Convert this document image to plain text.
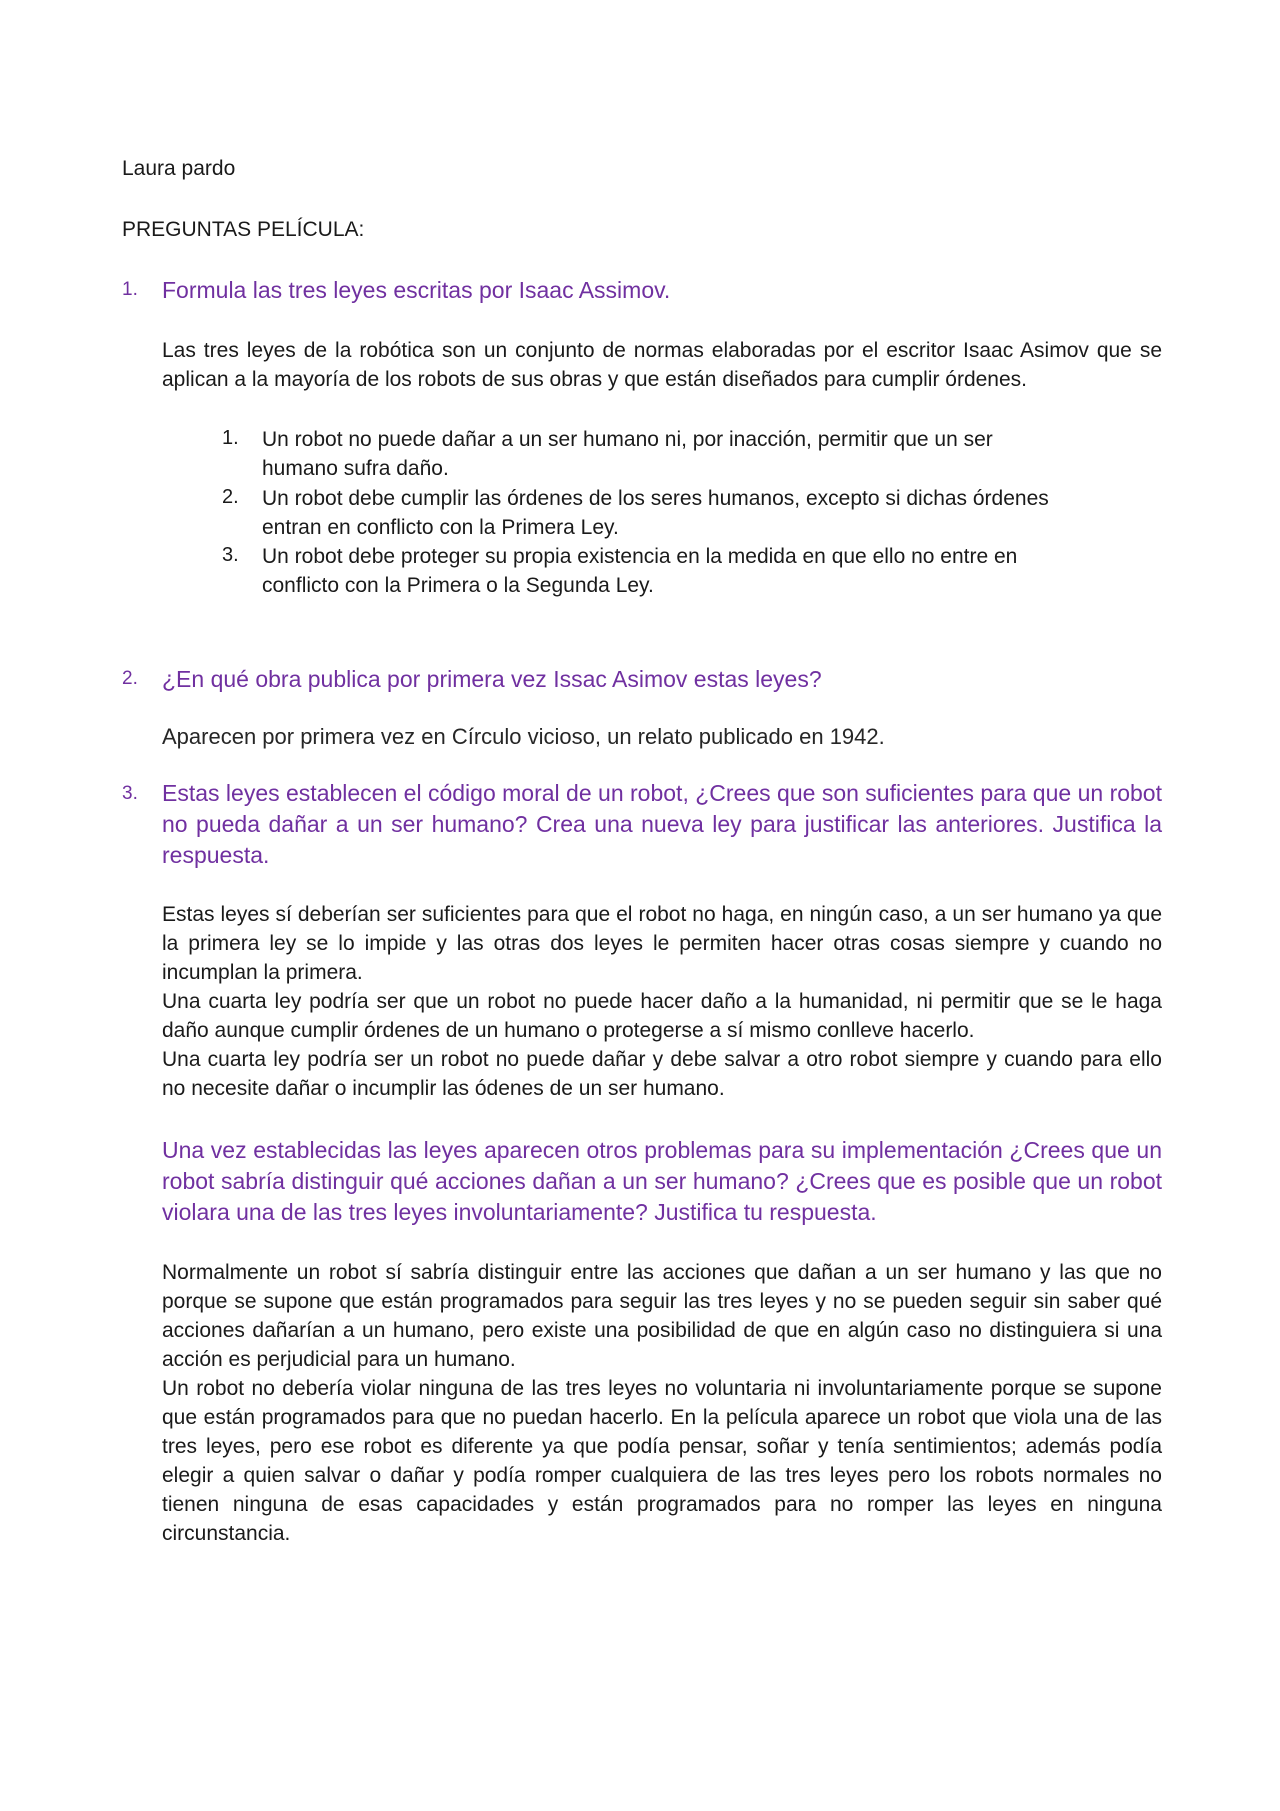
Laura pardo

PREGUNTAS PELÍCULA:

1. Formula las tres leyes escritas por Isaac Assimov.

Las tres leyes de la robótica son un conjunto de normas elaboradas por el escritor Isaac Asimov que se aplican a la mayoría de los robots de sus obras y que están diseñados para cumplir órdenes.

1. Un robot no puede dañar a un ser humano ni, por inacción, permitir que un ser humano sufra daño.

2. Un robot debe cumplir las órdenes de los seres humanos, excepto si dichas órdenes entran en conflicto con la Primera Ley.

3. Un robot debe proteger su propia existencia en la medida en que ello no entre en conflicto con la Primera o la Segunda Ley.

2. ¿En qué obra publica por primera vez Issac Asimov estas leyes?

Aparecen por primera vez en Círculo vicioso, un relato publicado en 1942.

3. Estas leyes establecen el código moral de un robot, ¿Crees que son suficientes para que un robot no pueda dañar a un ser humano? Crea una nueva ley para justificar las anteriores. Justifica la respuesta.

Estas leyes sí deberían ser suficientes para que el robot no haga, en ningún caso, a un ser humano ya que la primera ley se lo impide y las otras dos leyes le permiten hacer otras cosas siempre y cuando no incumplan la primera.

Una cuarta ley podría ser que un robot no puede hacer daño a la humanidad, ni permitir que se le haga daño aunque cumplir órdenes de un humano o protegerse a sí mismo conlleve hacerlo.

Una cuarta ley podría ser un robot no puede dañar y debe salvar a otro robot siempre y cuando para ello no necesite dañar o incumplir las ódenes de un ser humano.

Una vez establecidas las leyes aparecen otros problemas para su implementación ¿Crees que un robot sabría distinguir qué acciones dañan a un ser humano? ¿Crees que es posible que un robot violara una de las tres leyes involuntariamente? Justifica tu respuesta.

Normalmente un robot sí sabría distinguir entre las acciones que dañan a un ser humano y las que no porque se supone que están programados para seguir las tres leyes y no se pueden seguir sin saber qué acciones dañarían a un humano, pero existe una posibilidad de que en algún caso no distinguiera si una acción es perjudicial para un humano.

Un robot no debería violar ninguna de las tres leyes no voluntaria ni involuntariamente porque se supone que están programados para que no puedan hacerlo. En la película aparece un robot que viola una de las tres leyes, pero ese robot es diferente ya que podía pensar, soñar y tenía sentimientos; además podía elegir a quien salvar o dañar y podía romper cualquiera de las tres leyes pero los robots normales no tienen ninguna de esas capacidades y están programados para no romper las leyes en ninguna circunstancia.
